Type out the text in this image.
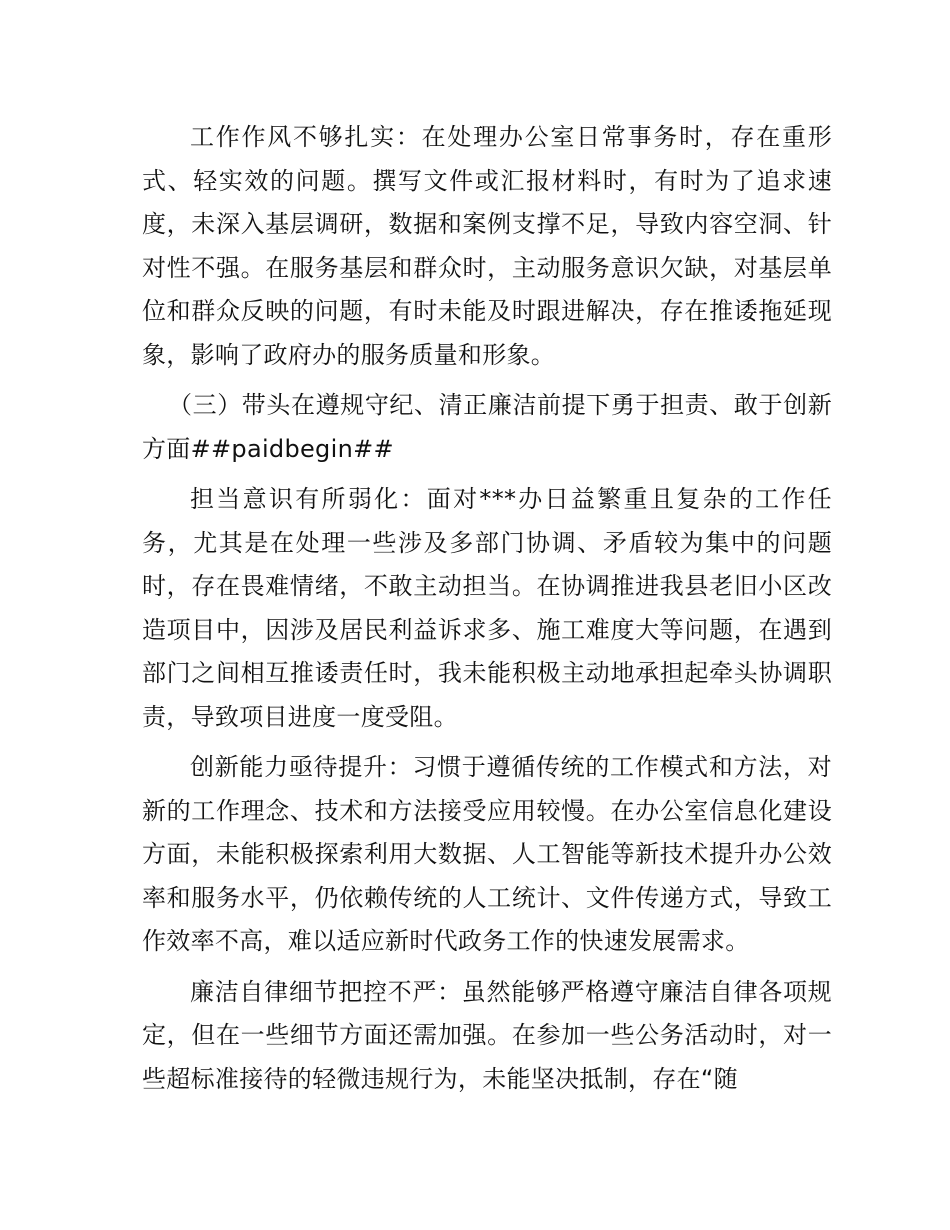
工作作风不够扎实：在处理办公室日常事务时，存在重形式、轻实效的问题。撰写文件或汇报材料时，有时为了追求速度，未深入基层调研，数据和案例支撑不足，导致内容空洞、针对性不强。在服务基层和群众时，主动服务意识欠缺，对基层单位和群众反映的问题，有时未能及时跟进解决，存在推诿拖延现象，影响了政府办的服务质量和形象。

（三）带头在遵规守纪、清正廉洁前提下勇于担责、敢于创新方面##paidbegin##

担当意识有所弱化：面对***办日益繁重且复杂的工作任务，尤其是在处理一些涉及多部门协调、矛盾较为集中的问题时，存在畏难情绪，不敢主动担当。在协调推进我县老旧小区改造项目中，因涉及居民利益诉求多、施工难度大等问题，在遇到部门之间相互推诿责任时，我未能积极主动地承担起牵头协调职责，导致项目进度一度受阻。

创新能力亟待提升：习惯于遵循传统的工作模式和方法，对新的工作理念、技术和方法接受应用较慢。在办公室信息化建设方面，未能积极探索利用大数据、人工智能等新技术提升办公效率和服务水平，仍依赖传统的人工统计、文件传递方式，导致工作效率不高，难以适应新时代政务工作的快速发展需求。

廉洁自律细节把控不严：虽然能够严格遵守廉洁自律各项规定，但在一些细节方面还需加强。在参加一些公务活动时，对一些超标准接待的轻微违规行为，未能坚决抵制，存在“随
